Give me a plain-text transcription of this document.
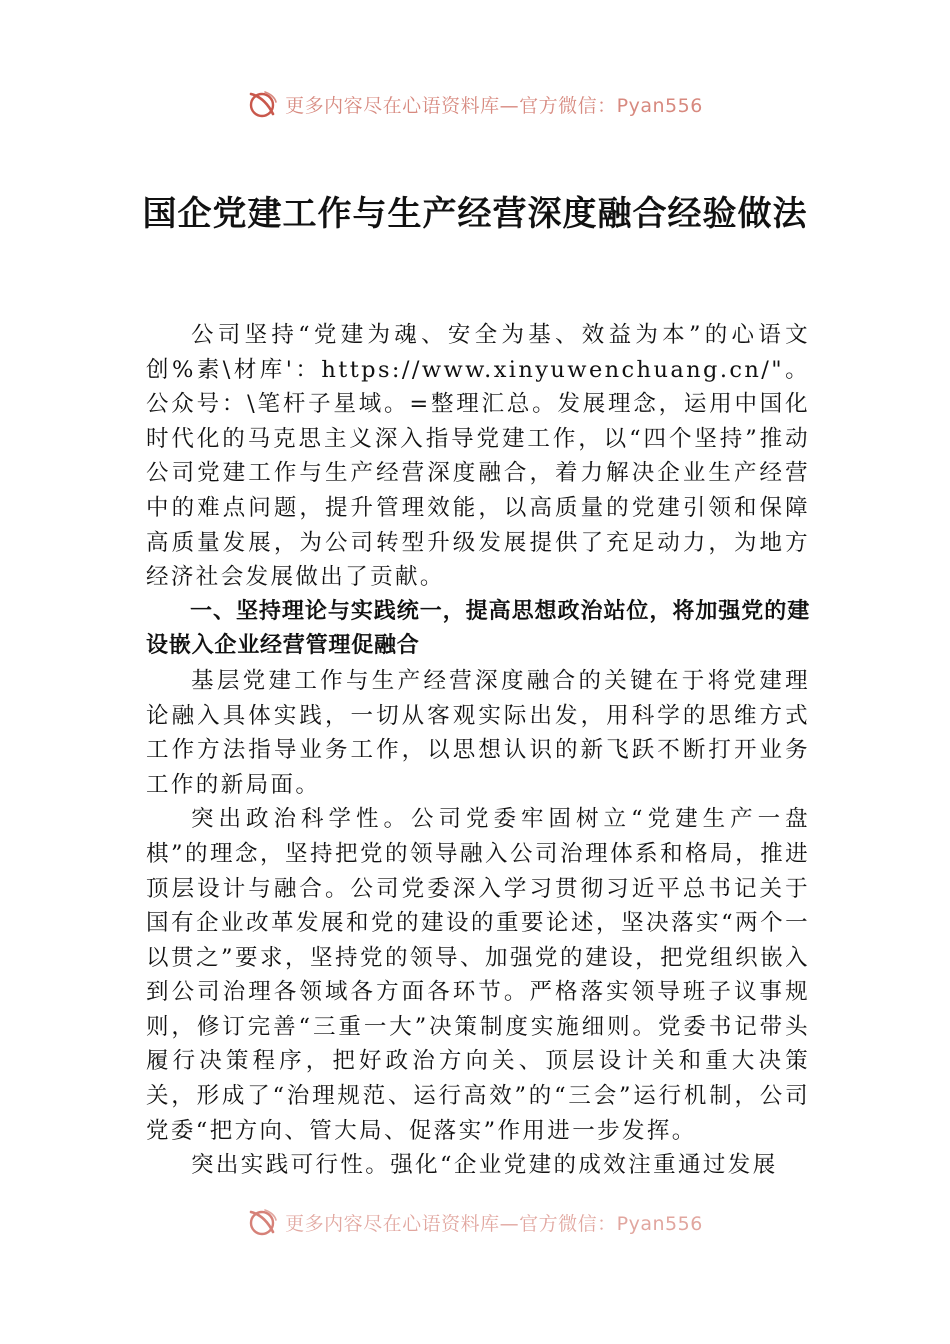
更多内容尽在心语资料库—官方微信：Pyan556
国企党建工作与生产经营深度融合经验做法

公司坚持“党建为魂、安全为基、效益为本”的心语文创%素\材库'：https://www.xinyuwenchuang.cn/"。公众号：\笔杆子星域。=整理汇总。发展理念，运用中国化时代化的马克思主义深入指导党建工作，以“四个坚持”推动公司党建工作与生产经营深度融合，着力解决企业生产经营中的难点问题，提升管理效能，以高质量的党建引领和保障高质量发展，为公司转型升级发展提供了充足动力，为地方经济社会发展做出了贡献。

一、坚持理论与实践统一，提高思想政治站位，将加强党的建设嵌入企业经营管理促融合

基层党建工作与生产经营深度融合的关键在于将党建理论融入具体实践，一切从客观实际出发，用科学的思维方式工作方法指导业务工作，以思想认识的新飞跃不断打开业务工作的新局面。

突出政治科学性。公司党委牢固树立“党建生产一盘棋”的理念，坚持把党的领导融入公司治理体系和格局，推进顶层设计与融合。公司党委深入学习贯彻习近平总书记关于国有企业改革发展和党的建设的重要论述，坚决落实“两个一以贯之”要求，坚持党的领导、加强党的建设，把党组织嵌入到公司治理各领域各方面各环节。严格落实领导班子议事规则，修订完善“三重一大”决策制度实施细则。党委书记带头履行决策程序，把好政治方向关、顶层设计关和重大决策关，形成了“治理规范、运行高效”的“三会”运行机制，公司党委“把方向、管大局、促落实”作用进一步发挥。

突出实践可行性。强化“企业党建的成效注重通过发展

更多内容尽在心语资料库—官方微信：Pyan556
